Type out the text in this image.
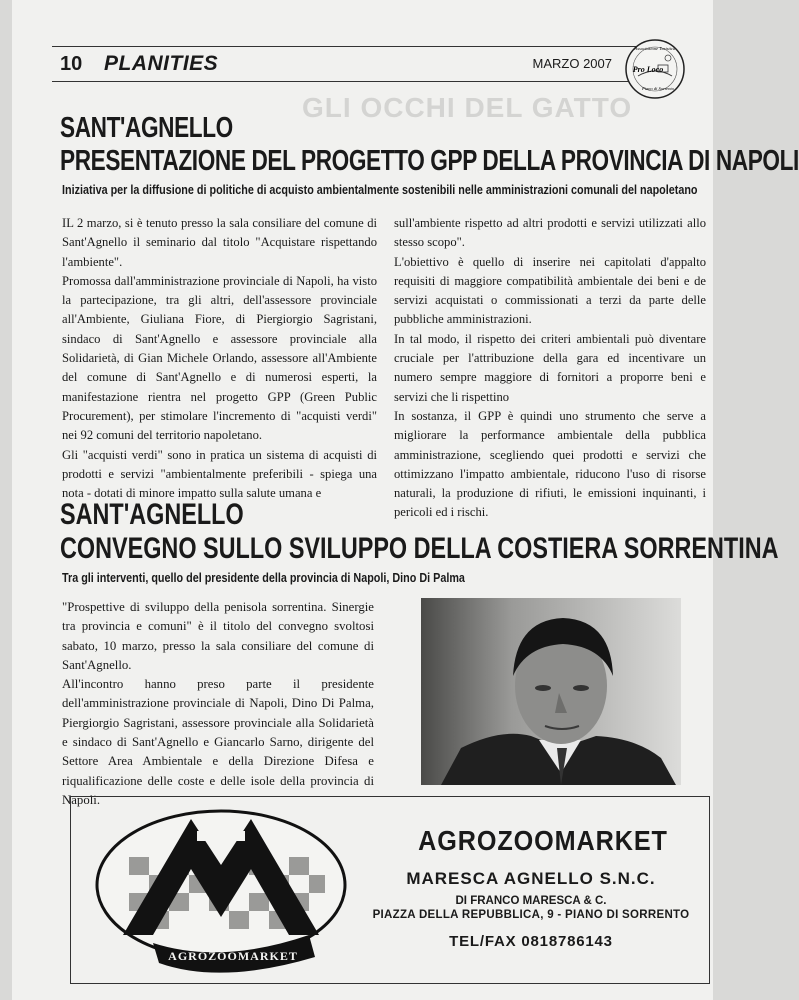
GLI OCCHI DEL GATTO
10 PLANITIES	MARZO 2007
Associazione Turistica
Pro Loco
Piano di Sorrento
SANT'AGNELLO
PRESENTAZIONE DEL PROGETTO GPP DELLA PROVINCIA DI NAPOLI
Iniziativa per la diffusione di politiche di acquisto ambientalmente sostenibili nelle amministrazioni comunali del napoletano

IL 2 marzo, si è tenuto presso la sala consiliare del comune di Sant'Agnello il seminario dal titolo "Acquistare rispettando l'ambiente".

Promossa dall'amministrazione provinciale di Napoli, ha visto la partecipazione, tra gli altri, dell'assessore provinciale all'Ambiente, Giuliana Fiore, di Piergiorgio Sagristani, sindaco di Sant'Agnello e assessore provinciale alla Solidarietà, di Gian Michele Orlando, assessore all'Ambiente del comune di Sant'Agnello e di numerosi esperti, la manifestazione rientra nel progetto GPP (Green Public Procurement), per stimolare l'incremento di "acquisti verdi" nei 92 comuni del territorio napoletano.

Gli "acquisti verdi" sono in pratica un sistema di acquisti di prodotti e servizi "ambientalmente preferibili - spiega una nota - dotati di minore impatto sulla salute umana e

sull'ambiente rispetto ad altri prodotti e servizi utilizzati allo stesso scopo".

L'obiettivo è quello di inserire nei capitolati d'appalto requisiti di maggiore compatibilità ambientale dei beni e de servizi acquistati o commissionati a terzi da parte delle pubbliche amministrazioni.

In tal modo, il rispetto dei criteri ambientali può diventare cruciale per l'attribuzione della gara ed incentivare un numero sempre maggiore di fornitori a proporre beni e servizi che li rispettino

In sostanza, il GPP è quindi uno strumento che serve a migliorare la performance ambientale della pubblica amministrazione, scegliendo quei prodotti e servizi che ottimizzano l'impatto ambientale, riducono l'uso di risorse naturali, la produzione di rifiuti, le emissioni inquinanti, i pericoli ed i rischi.

SANT'AGNELLO
CONVEGNO SULLO SVILUPPO DELLA COSTIERA SORRENTINA
Tra gli interventi, quello del presidente della provincia di Napoli, Dino Di Palma

"Prospettive di sviluppo della penisola sorrentina. Sinergie tra provincia e comuni" è il titolo del convegno svoltosi sabato, 10 marzo, presso la sala consiliare del comune di Sant'Agnello.

All'incontro hanno preso parte il presidente dell'amministrazione provinciale di Napoli, Dino Di Palma, Piergiorgio Sagristani, assessore provinciale alla Solidarietà e sindaco di Sant'Agnello e Giancarlo Sarno, dirigente del Settore Area Ambientale e della Direzione Difesa e riqualificazione delle coste e delle isole della provincia di Napoli.

AGROZOOMARKET
AGROZOOMARKET
MARESCA AGNELLO S.N.C.
DI FRANCO MARESCA & C.
PIAZZA DELLA REPUBBLICA, 9 - PIANO DI SORRENTO
TEL/FAX 0818786143
